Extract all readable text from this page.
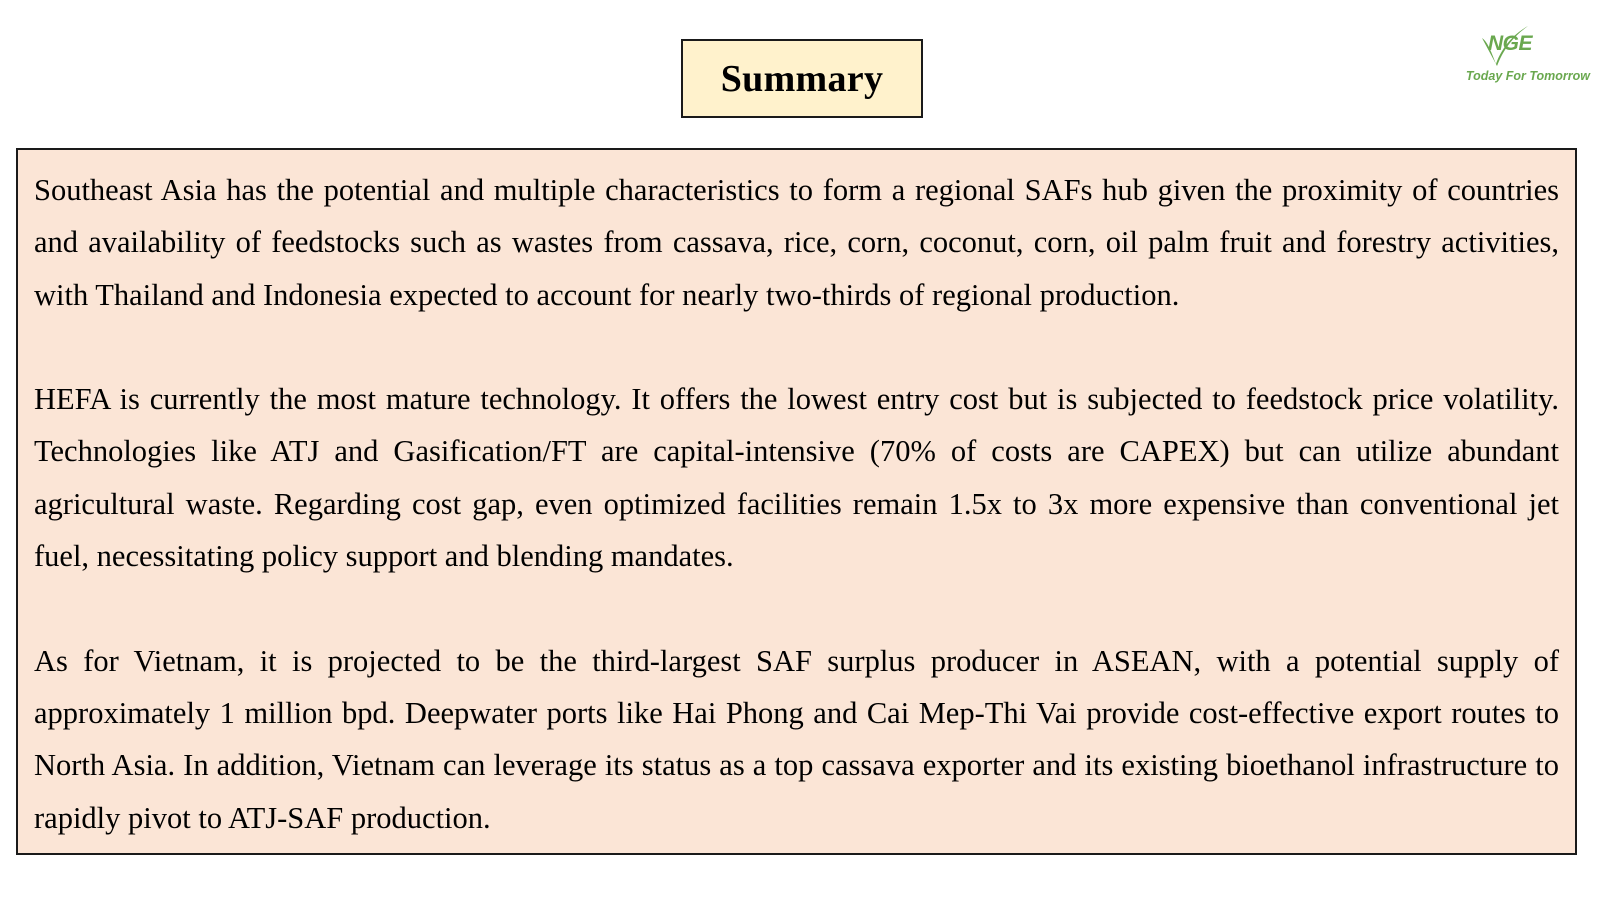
Summary
NGE
Today For Tomorrow

Southeast Asia has the potential and multiple characteristics to form a regional SAFs hub given the proximity of countries and availability of feedstocks such as wastes from cassava, rice, corn, coconut, corn, oil palm fruit and forestry activities, with Thailand and Indonesia expected to account for nearly two-thirds of regional production.

HEFA is currently the most mature technology. It offers the lowest entry cost but is subjected to feedstock price volatility. Technologies like ATJ and Gasification/FT are capital-intensive (70% of costs are CAPEX) but can utilize abundant agricultural waste. Regarding cost gap, even optimized facilities remain 1.5x to 3x more expensive than conventional jet fuel, necessitating policy support and blending mandates.

As for Vietnam, it is projected to be the third-largest SAF surplus producer in ASEAN, with a potential supply of approximately 1 million bpd. Deepwater ports like Hai Phong and Cai Mep-Thi Vai provide cost-effective export routes to North Asia. In addition, Vietnam can leverage its status as a top cassava exporter and its existing bioethanol infrastructure to rapidly pivot to ATJ-SAF production.
